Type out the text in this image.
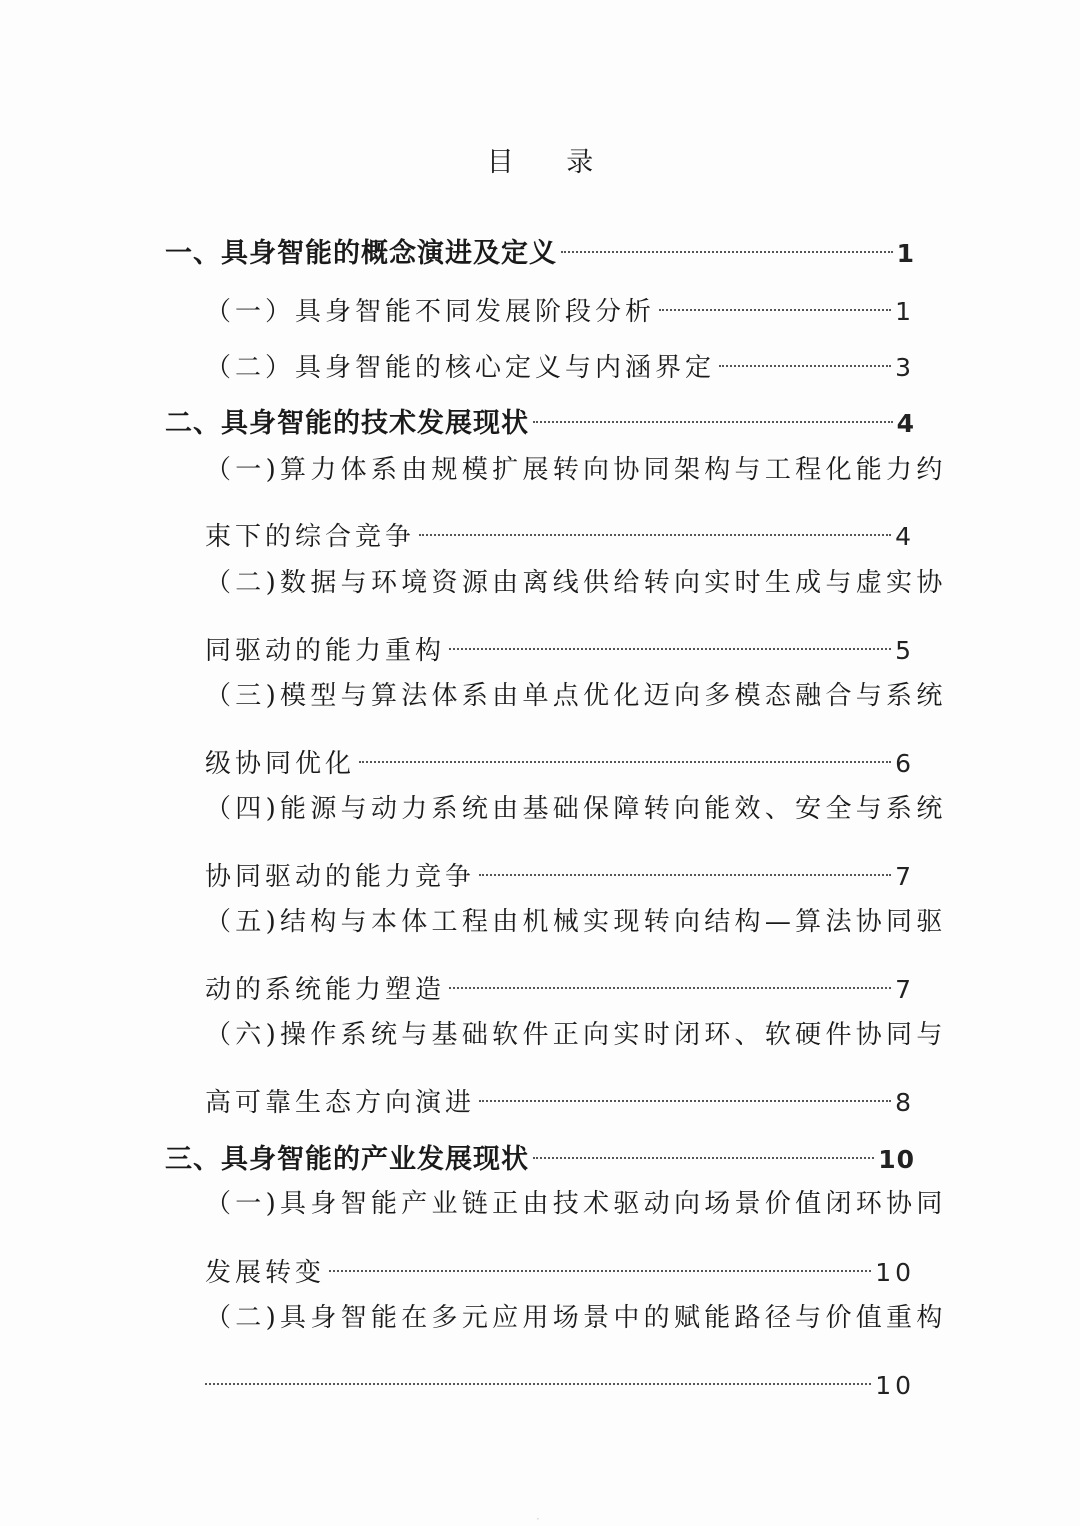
目 录
一、具身智能的概念演进及定义	1
（一）具身智能不同发展阶段分析	1
（二）具身智能的核心定义与内涵界定	3
二、具身智能的技术发展现状	4
（一)算力体系由规模扩展转向协同架构与工程化能力约
束下的综合竞争	4
（二)数据与环境资源由离线供给转向实时生成与虚实协
同驱动的能力重构	5
（三)模型与算法体系由单点优化迈向多模态融合与系统
级协同优化	6
（四)能源与动力系统由基础保障转向能效、安全与系统
协同驱动的能力竞争	7
（五)结构与本体工程由机械实现转向结构—算法协同驱
动的系统能力塑造	7
（六)操作系统与基础软件正向实时闭环、软硬件协同与
高可靠生态方向演进	8
三、具身智能的产业发展现状	10
（一)具身智能产业链正由技术驱动向场景价值闭环协同
发展转变	10
（二)具身智能在多元应用场景中的赋能路径与价值重构
10
·
